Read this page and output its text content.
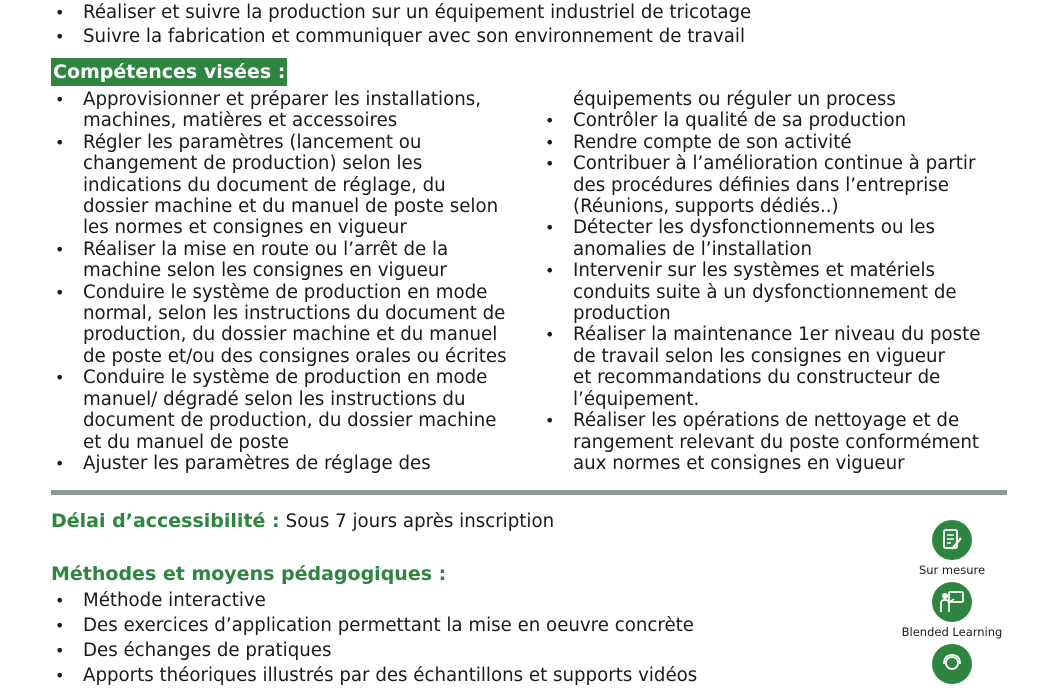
• Réaliser et suivre la production sur un équipement industriel de tricotage
• Suivre la fabrication et communiquer avec son environnement de travail
Compétences visées :
• Approvisionner et préparer les installations,
machines, matières et accessoires
• Régler les paramètres (lancement ou
changement de production) selon les
indications du document de réglage, du
dossier machine et du manuel de poste selon
les normes et consignes en vigueur
• Réaliser la mise en route ou l’arrêt de la
machine selon les consignes en vigueur
• Conduire le système de production en mode
normal, selon les instructions du document de
production, du dossier machine et du manuel
de poste et/ou des consignes orales ou écrites
• Conduire le système de production en mode
manuel/ dégradé selon les instructions du
document de production, du dossier machine
et du manuel de poste
• Ajuster les paramètres de réglage des
équipements ou réguler un process
• Contrôler la qualité de sa production
• Rendre compte de son activité
• Contribuer à l’amélioration continue à partir
des procédures définies dans l’entreprise
(Réunions, supports dédiés..)
• Détecter les dysfonctionnements ou les
anomalies de l’installation
• Intervenir sur les systèmes et matériels
conduits suite à un dysfonctionnement de
production
• Réaliser la maintenance 1er niveau du poste
de travail selon les consignes en vigueur
et recommandations du constructeur de
l’équipement.
• Réaliser les opérations de nettoyage et de
rangement relevant du poste conformément
aux normes et consignes en vigueur
Délai d’accessibilité : Sous 7 jours après inscription
Méthodes et moyens pédagogiques :
• Méthode interactive
• Des exercices d’application permettant la mise en oeuvre concrète
• Des échanges de pratiques
• Apports théoriques illustrés par des échantillons et supports vidéos
Sur mesure
Blended Learning
